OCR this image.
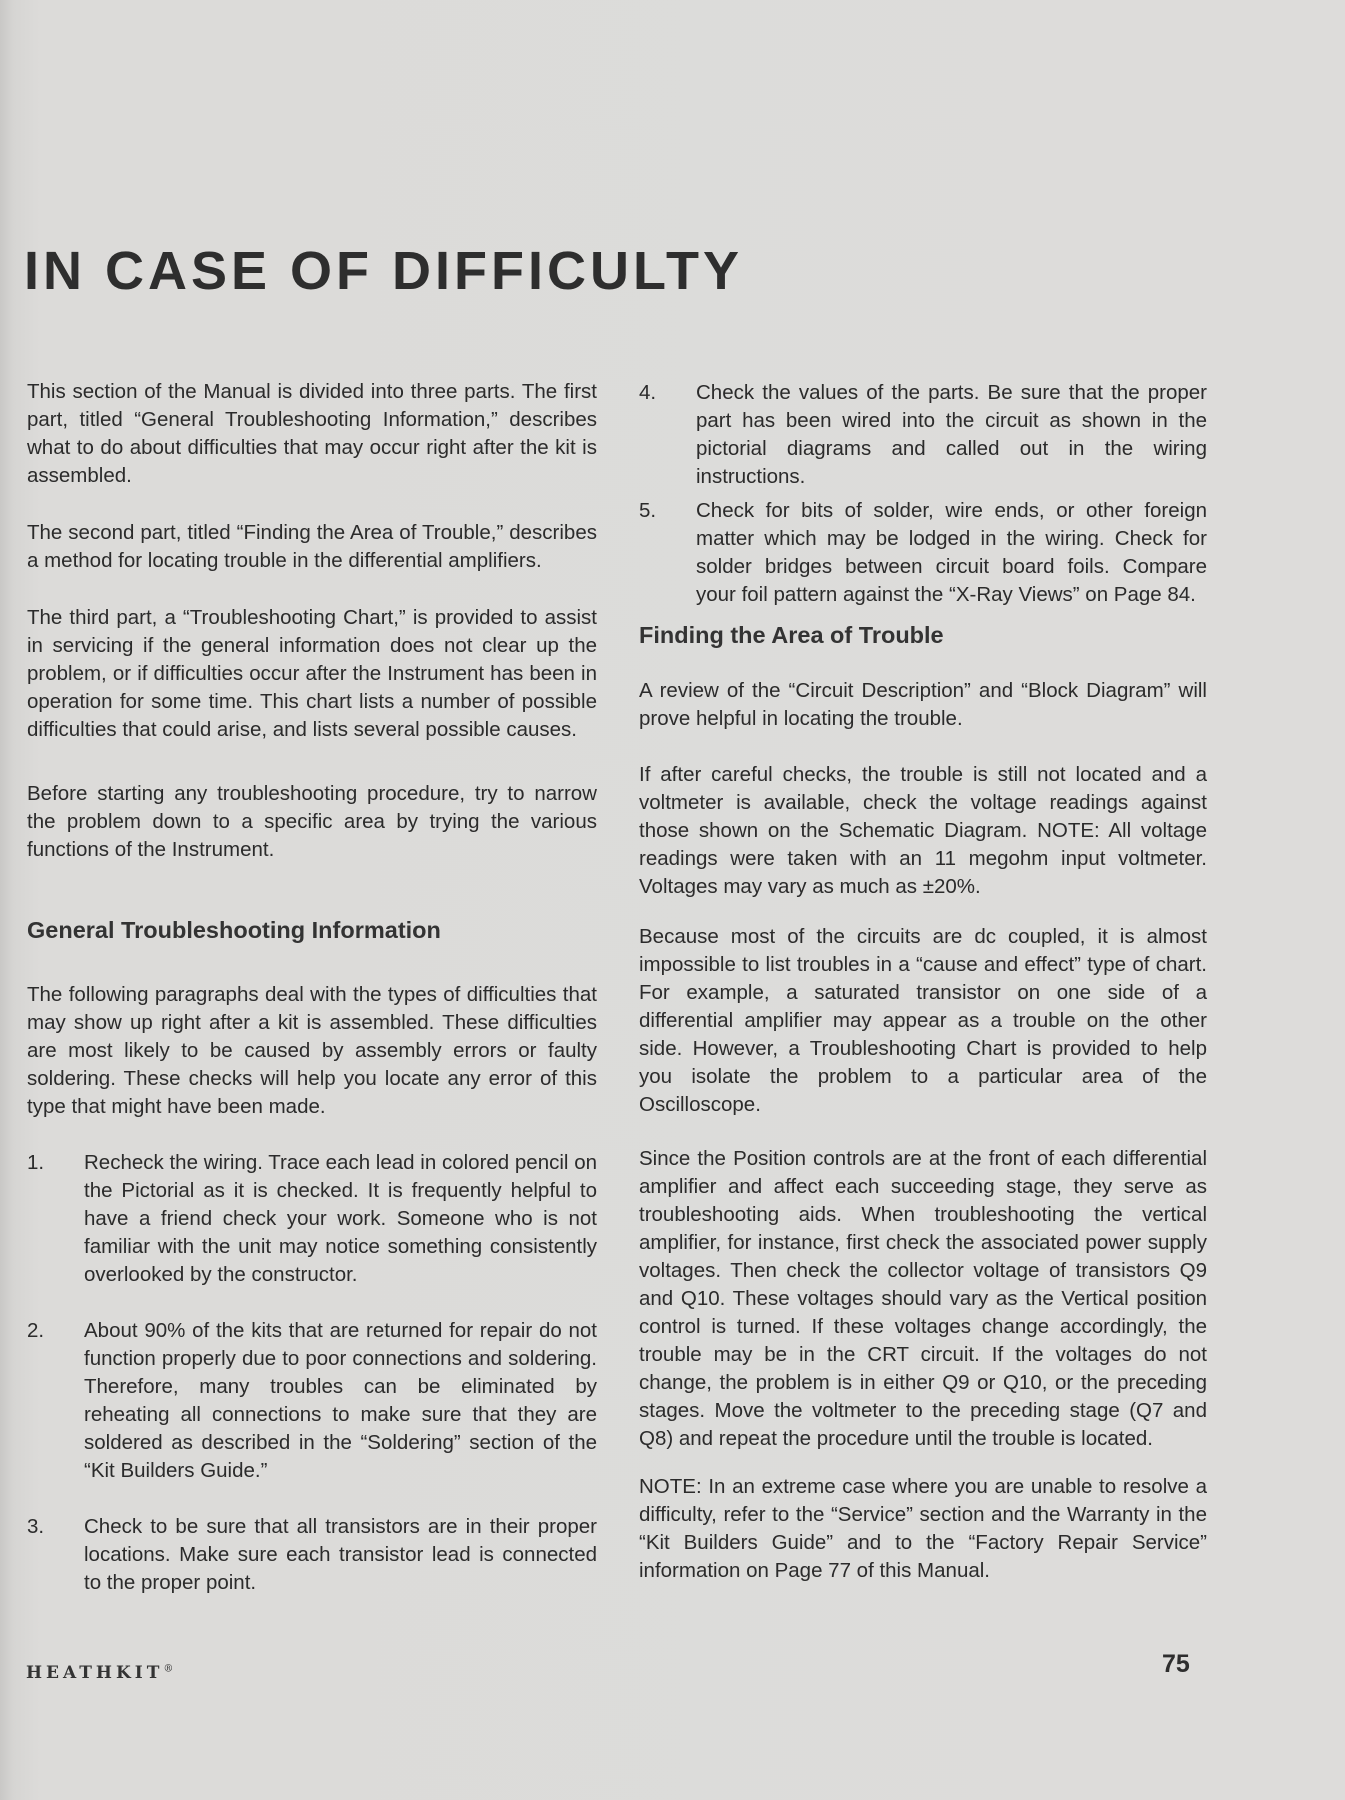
IN CASE OF DIFFICULTY

This section of the Manual is divided into three parts. The first part, titled “General Troubleshooting Information,” describes what to do about difficulties that may occur right after the kit is assembled.

The second part, titled “Finding the Area of Trouble,” describes a method for locating trouble in the differential amplifiers.

The third part, a “Troubleshooting Chart,” is provided to assist in servicing if the general information does not clear up the problem, or if difficulties occur after the Instrument has been in operation for some time. This chart lists a number of possible difficulties that could arise, and lists several possible causes.

Before starting any troubleshooting procedure, try to narrow the problem down to a specific area by trying the various functions of the Instrument.

General Troubleshooting Information

The following paragraphs deal with the types of difficulties that may show up right after a kit is assembled. These difficulties are most likely to be caused by assembly errors or faulty soldering. These checks will help you locate any error of this type that might have been made.

1. Recheck the wiring. Trace each lead in colored pencil on the Pictorial as it is checked. It is frequently helpful to have a friend check your work. Someone who is not familiar with the unit may notice something consistently overlooked by the constructor.
2. About 90% of the kits that are returned for repair do not function properly due to poor connections and soldering. Therefore, many troubles can be eliminated by reheating all connections to make sure that they are soldered as described in the “Soldering” section of the “Kit Builders Guide.”
3. Check to be sure that all transistors are in their proper locations. Make sure each transistor lead is connected to the proper point.
4. Check the values of the parts. Be sure that the proper part has been wired into the circuit as shown in the pictorial diagrams and called out in the wiring instructions.
5. Check for bits of solder, wire ends, or other foreign matter which may be lodged in the wiring. Check for solder bridges between circuit board foils. Compare your foil pattern against the “X-Ray Views” on Page 84.
Finding the Area of Trouble

A review of the “Circuit Description” and “Block Diagram” will prove helpful in locating the trouble.

If after careful checks, the trouble is still not located and a voltmeter is available, check the voltage readings against those shown on the Schematic Diagram. NOTE: All voltage readings were taken with an 11 megohm input voltmeter. Voltages may vary as much as ±20%.

Because most of the circuits are dc coupled, it is almost impossible to list troubles in a “cause and effect” type of chart. For example, a saturated transistor on one side of a differential amplifier may appear as a trouble on the other side. However, a Troubleshooting Chart is provided to help you isolate the problem to a particular area of the Oscilloscope.

Since the Position controls are at the front of each differential amplifier and affect each succeeding stage, they serve as troubleshooting aids. When troubleshooting the vertical amplifier, for instance, first check the associated power supply voltages. Then check the collector voltage of transistors Q9 and Q10. These voltages should vary as the Vertical position control is turned. If these voltages change accordingly, the trouble may be in the CRT circuit. If the voltages do not change, the problem is in either Q9 or Q10, or the preceding stages. Move the voltmeter to the preceding stage (Q7 and Q8) and repeat the procedure until the trouble is located.

NOTE: In an extreme case where you are unable to resolve a difficulty, refer to the “Service” section and the Warranty in the “Kit Builders Guide” and to the “Factory Repair Service” information on Page 77 of this Manual.

HEATHKIT®	75
